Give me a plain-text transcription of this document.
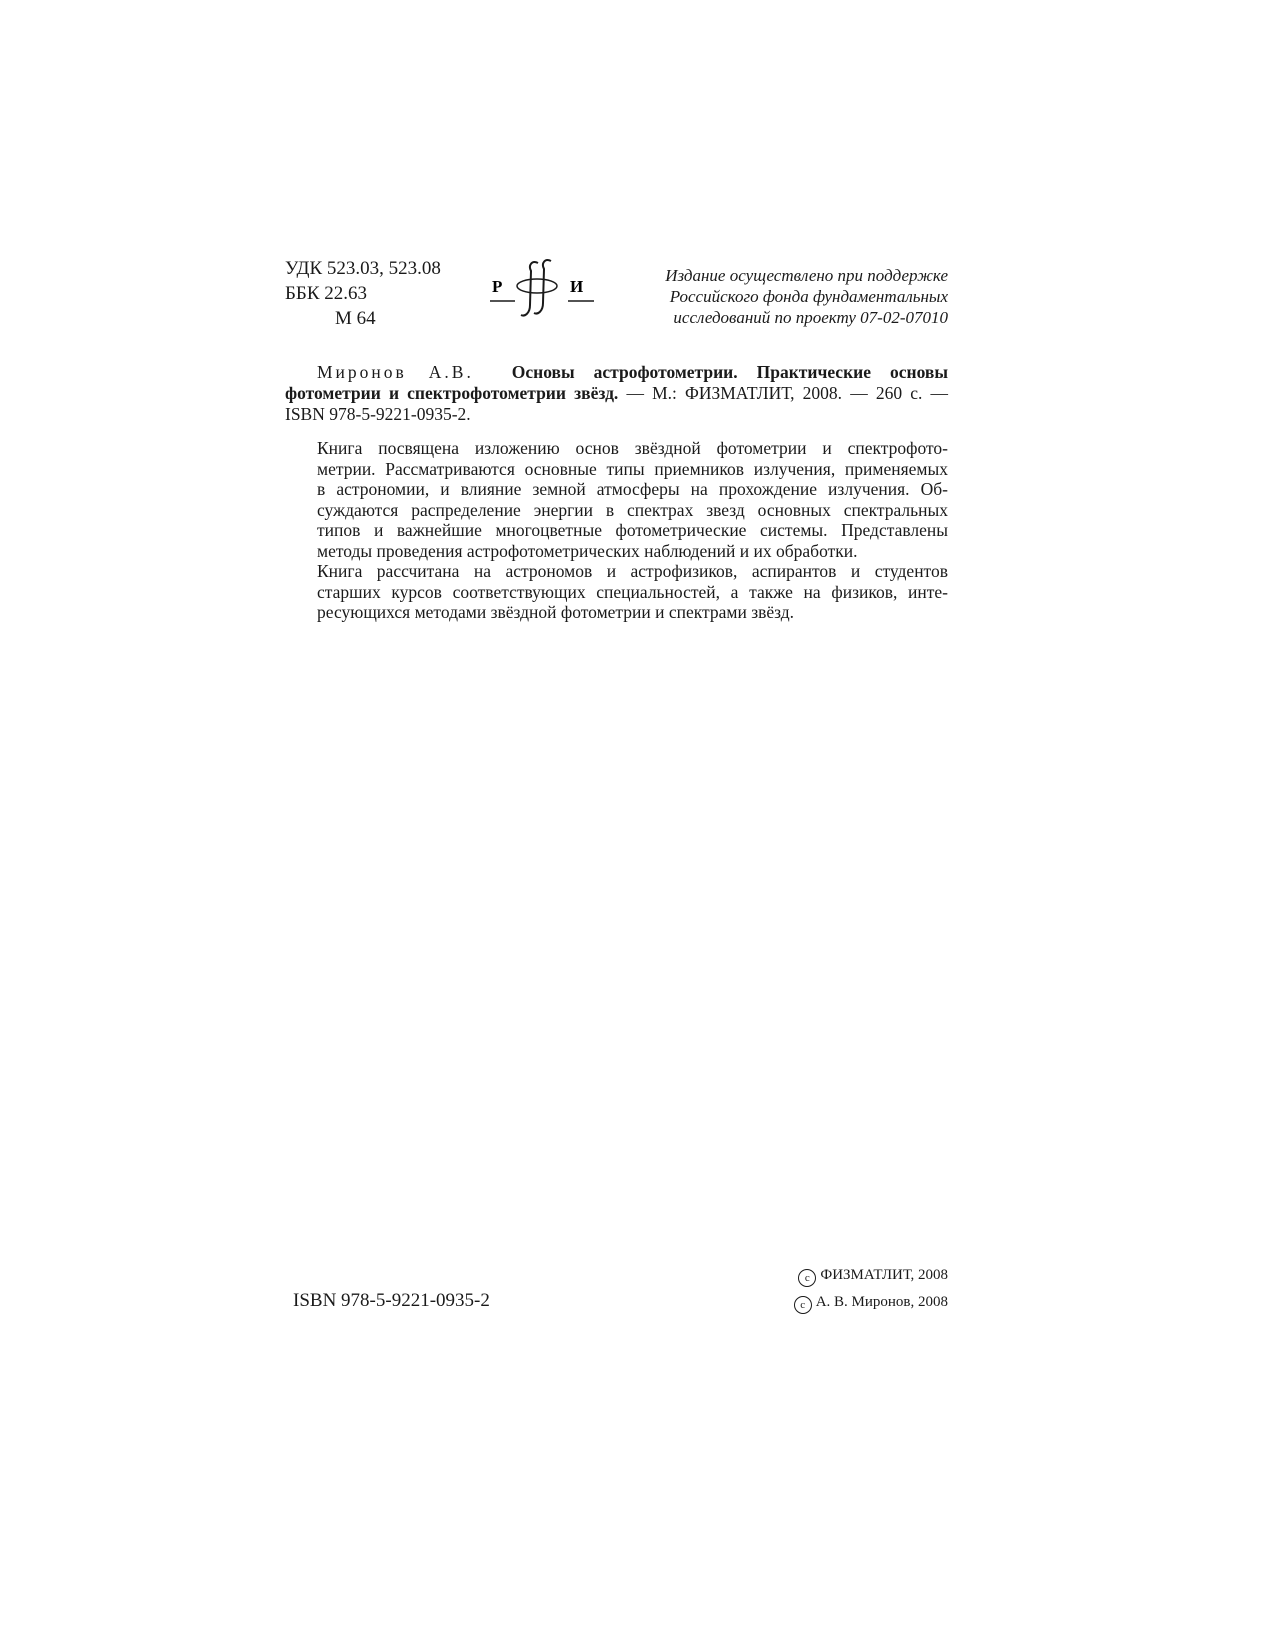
УДК 523.03, 523.08
ББК 22.63
М 64
Р	И
Издание осуществлено при поддержке
Российского фонда фундаментальных
исследований по проекту 07-02-07010
Миронов А.В. Основы астрофотометрии. Практические основы фотометрии и спектрофотометрии звёзд. — М.: ФИЗМАТЛИТ, 2008. — 260 с. — ISBN 978-5-9221-0935-2.

Книга посвящена изложению основ звёздной фотометрии и спектрофото-
метрии. Рассматриваются основные типы приемников излучения, применяемых
в астрономии, и влияние земной атмосферы на прохождение излучения. Об-
суждаются распределение энергии в спектрах звезд основных спектральных
типов и важнейшие многоцветные фотометрические системы. Представлены
методы проведения астрофотометрических наблюдений и их обработки.

Книга рассчитана на астрономов и астрофизиков, аспирантов и студентов
старших курсов соответствующих специальностей, а также на физиков, инте-
ресующихся методами звёздной фотометрии и спектрами звёзд.

ISBN 978-5-9221-0935-2
c ФИЗМАТЛИТ, 2008
c А. В. Миронов, 2008
